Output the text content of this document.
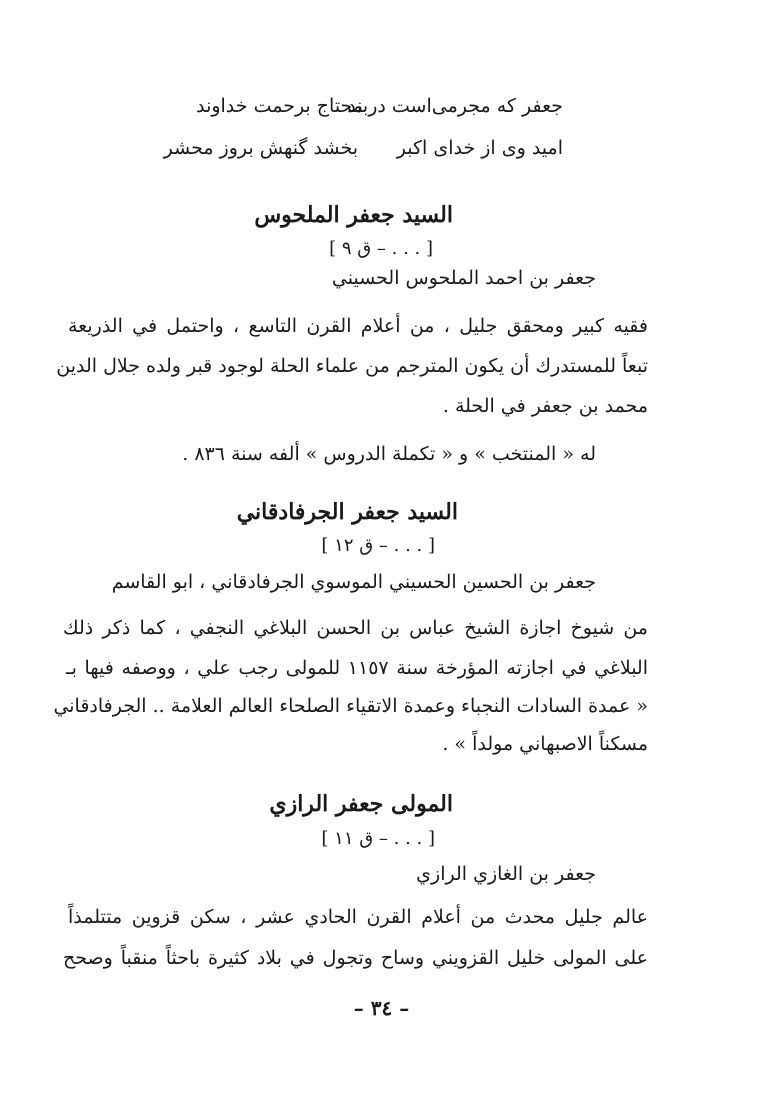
جعفر كه مجرمی‌است دربند
محتاج برحمت خداوند
امید وی از خدای اکبر
بخشد گنهش بروز محشر
السيد جعفر الملحوس
[ . . . – ق ٩ ]
جعفر بن احمد الملحوس الحسيني
فقيه كبير ومحقق جليل ، من أعلام القرن التاسع ، واحتمل في الذريعة
تبعاً للمستدرك أن يكون المترجم من علماء الحلة لوجود قبر ولده جلال الدين
محمد بن جعفر في الحلة .
له « المنتخب » و « تكملة الدروس » ألفه سنة ٨٣٦ .
السيد جعفر الجرفادقاني
[ . . . – ق ١٢ ]
جعفر بن الحسين الحسيني الموسوي الجرفادقاني ، ابو القاسم
من شيوخ اجازة الشيخ عباس بن الحسن البلاغي النجفي ، كما ذكر ذلك
البلاغي في اجازته المؤرخة سنة ١١٥٧ للمولى رجب علي ، ووصفه فيها بـ
« عمدة السادات النجباء وعمدة الاتقياء الصلحاء العالم العلامة .. الجرفادقاني
مسكناً الاصبهاني مولداً » .
المولى جعفر الرازي
[ . . . – ق ١١ ]
جعفر بن الغازي الرازي
عالم جليل محدث من أعلام القرن الحادي عشر ، سكن قزوين متتلمذاً
على المولى خليل القزويني وساح وتجول في بلاد كثيرة باحثاً منقباً وصحح
– ٣٤ –
